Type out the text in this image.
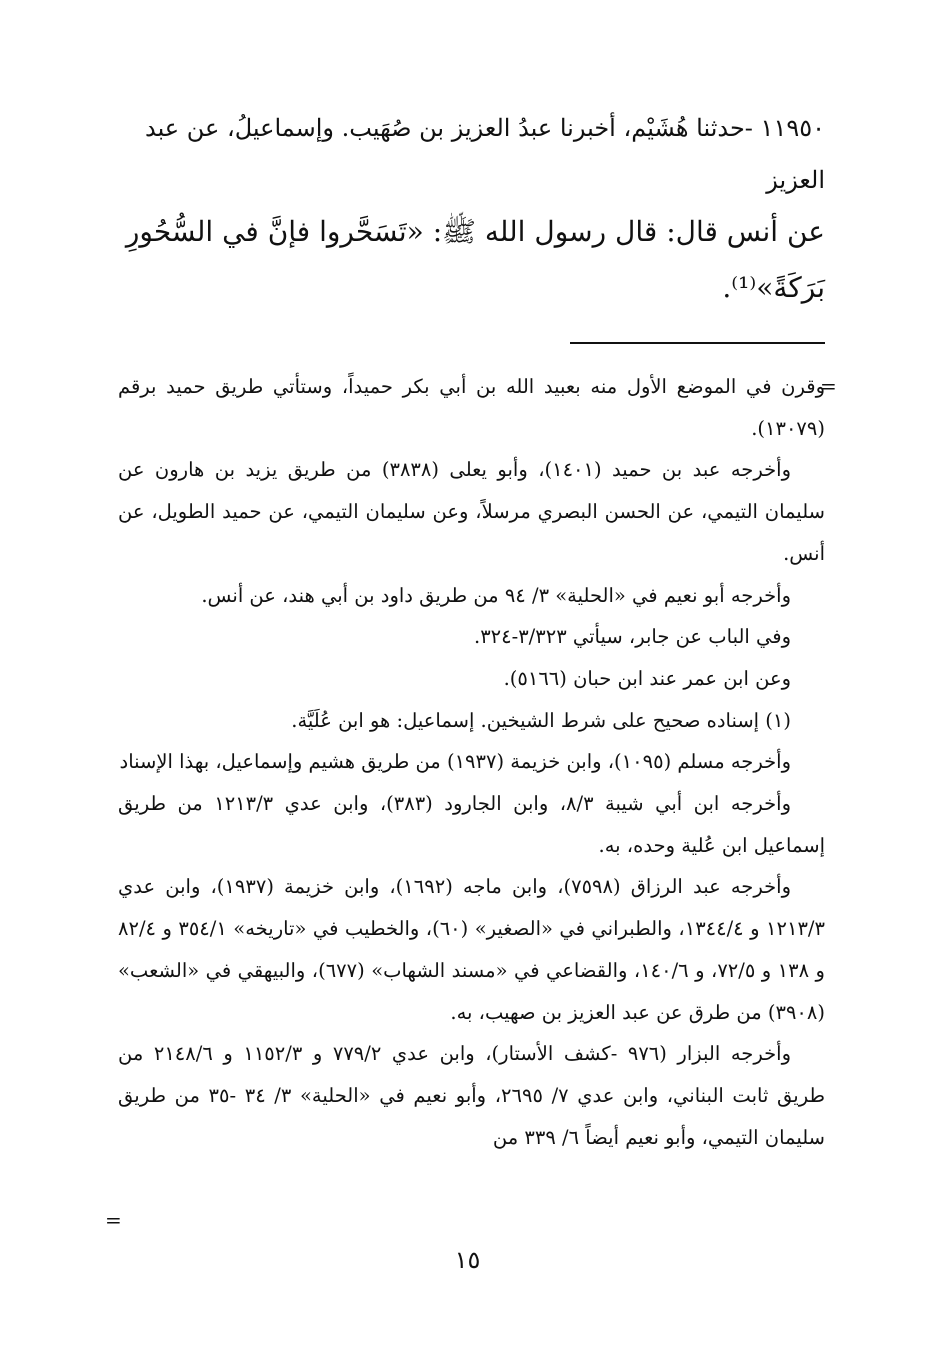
١١٩٥٠ -حدثنا هُشَيْم، أخبرنا عبدُ العزيز بن صُهَيب. وإسماعيلُ، عن عبد العزيز
عن أنس قال: قال رسول الله ﷺ: «تَسَحَّروا فإنَّ في السُّحُورِ بَرَكَةً»⁽¹⁾.
=

وقرن في الموضع الأول منه بعبيد الله بن أبي بكر حميداً، وستأتي طريق حميد برقم (١٣٠٧٩).

وأخرجه عبد بن حميد (١٤٠١)، وأبو يعلى (٣٨٣٨) من طريق يزيد بن هارون عن سليمان التيمي، عن الحسن البصري مرسلاً، وعن سليمان التيمي، عن حميد الطويل، عن أنس.

وأخرجه أبو نعيم في «الحلية» ٣/ ٩٤ من طريق داود بن أبي هند، عن أنس.

وفي الباب عن جابر، سيأتي ٣/٣٢٣-٣٢٤.

وعن ابن عمر عند ابن حبان (٥١٦٦).

(١) إسناده صحيح على شرط الشيخين. إسماعيل: هو ابن عُلَيَّة.

وأخرجه مسلم (١٠٩٥)، وابن خزيمة (١٩٣٧) من طريق هشيم وإسماعيل، بهذا الإسناد

وأخرجه ابن أبي شيبة ٨/٣، وابن الجارود (٣٨٣)، وابن عدي ١٢١٣/٣ من طريق إسماعيل ابن عُلية وحده، به.

وأخرجه عبد الرزاق (٧٥٩٨)، وابن ماجه (١٦٩٢)، وابن خزيمة (١٩٣٧)، وابن عدي ١٢١٣/٣ و ١٣٤٤/٤، والطبراني في «الصغير» (٦٠)، والخطيب في «تاريخه» ٣٥٤/١ و ٨٢/٤ و ١٣٨ و ٧٢/٥، و ١٤٠/٦، والقضاعي في «مسند الشهاب» (٦٧٧)، والبيهقي في «الشعب» (٣٩٠٨) من طرق عن عبد العزيز بن صهيب، به.

وأخرجه البزار (٩٧٦ -كشف الأستار)، وابن عدي ٧٧٩/٢ و ١١٥٢/٣ و ٢١٤٨/٦ من طريق ثابت البناني، وابن عدي ٧/ ٢٦٩٥، وأبو نعيم في «الحلية» ٣/ ٣٤ -٣٥ من طريق سليمان التيمي، وأبو نعيم أيضاً ٦/ ٣٣٩ من

=
١٥
